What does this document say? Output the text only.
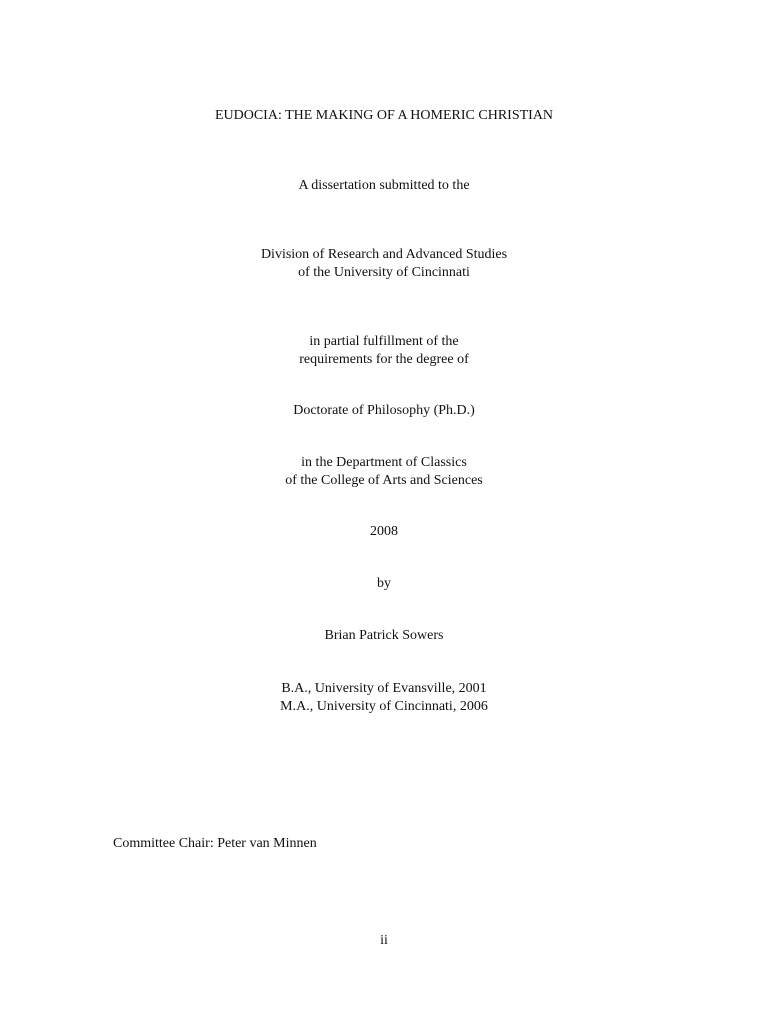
EUDOCIA: THE MAKING OF A HOMERIC CHRISTIAN
A dissertation submitted to the
Division of Research and Advanced Studies
of the University of Cincinnati
in partial fulfillment of the
requirements for the degree of
Doctorate of Philosophy (Ph.D.)
in the Department of Classics
of the College of Arts and Sciences
2008
by
Brian Patrick Sowers
B.A., University of Evansville, 2001
M.A., University of Cincinnati, 2006
Committee Chair: Peter van Minnen
ii
